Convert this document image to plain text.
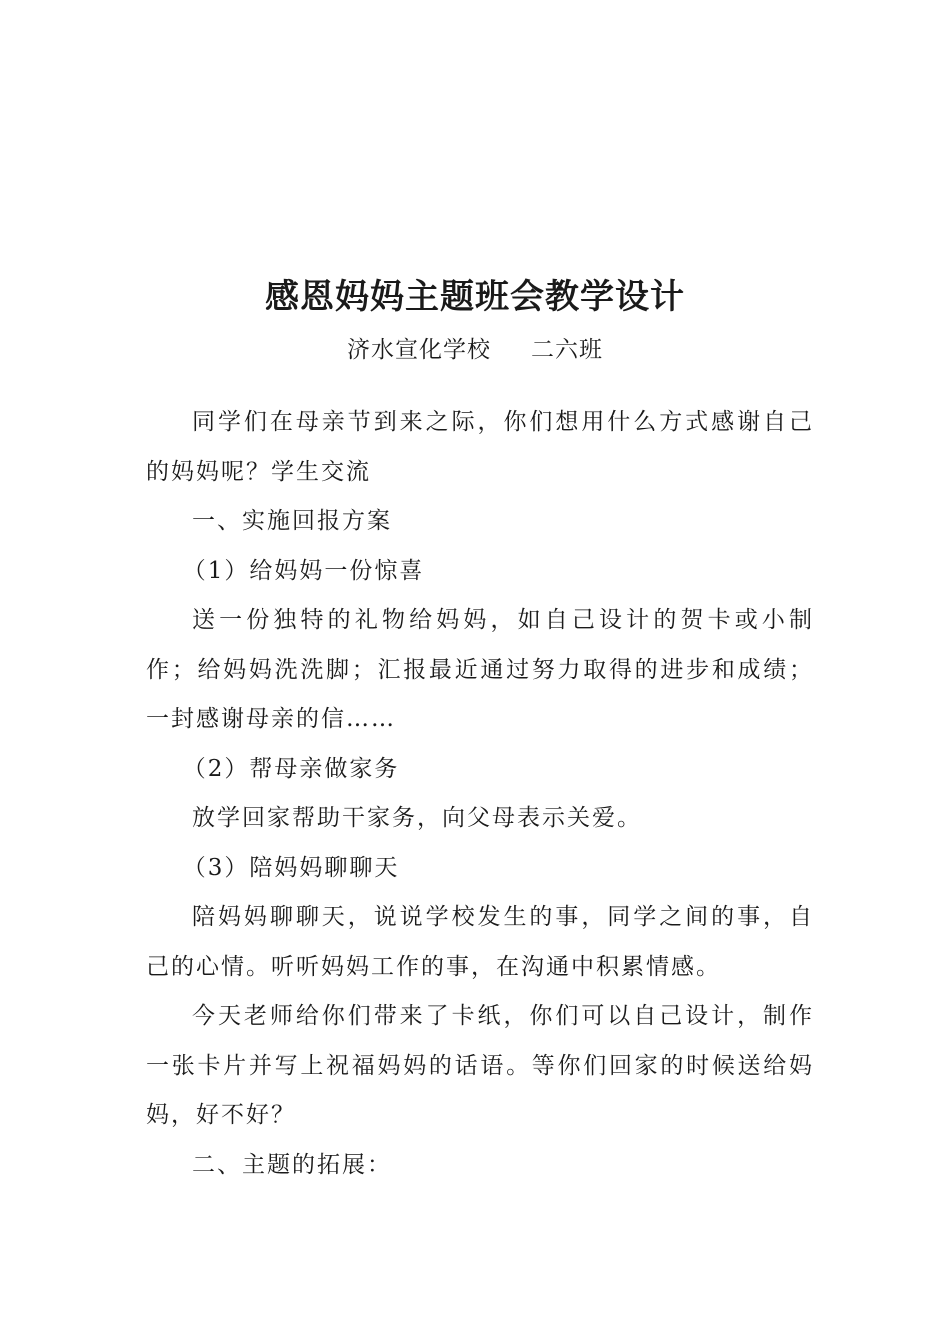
感恩妈妈主题班会教学设计
济水宣化学校 二六班

同学们在母亲节到来之际，你们想用什么方式感谢自己的妈妈呢？学生交流

一、实施回报方案

（1）给妈妈一份惊喜

送一份独特的礼物给妈妈，如自己设计的贺卡或小制作；给妈妈洗洗脚；汇报最近通过努力取得的进步和成绩；一封感谢母亲的信……

（2）帮母亲做家务

放学回家帮助干家务，向父母表示关爱。

（3）陪妈妈聊聊天

陪妈妈聊聊天，说说学校发生的事，同学之间的事，自己的心情。听听妈妈工作的事，在沟通中积累情感。

今天老师给你们带来了卡纸，你们可以自己设计，制作一张卡片并写上祝福妈妈的话语。等你们回家的时候送给妈妈，好不好？

二、主题的拓展：
